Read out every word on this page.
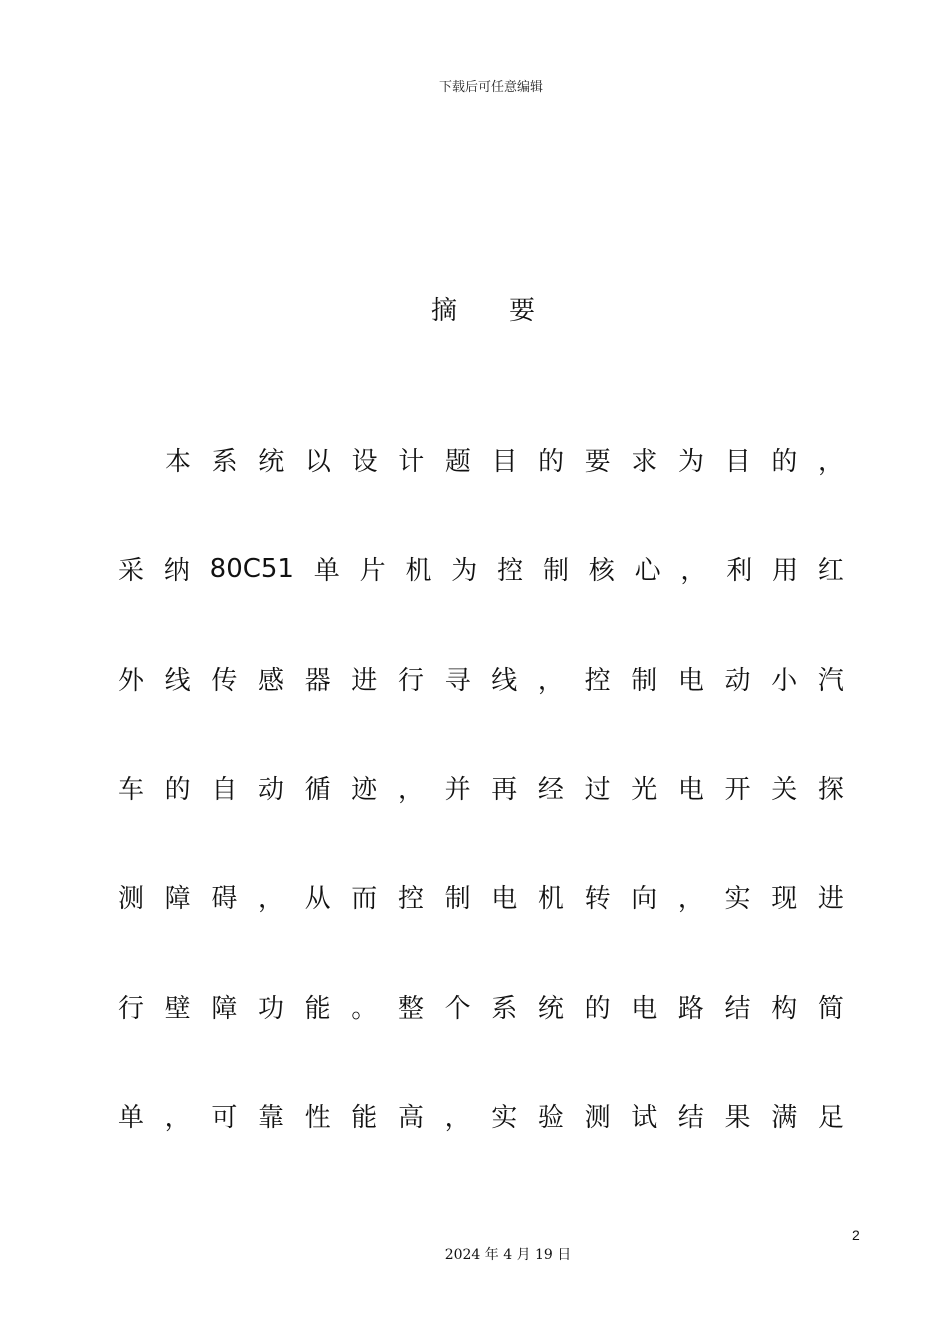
下载后可任意编辑
摘 要
本 系 统 以 设 计 题 目 的 要 求 为 目 的 ，
采 纳 80C51 单 片 机 为 控 制 核 心 ， 利 用 红
外 线 传 感 器 进 行 寻 线 ， 控 制 电 动 小 汽
车 的 自 动 循 迹 ， 并 再 经 过 光 电 开 关 探
测 障 碍 ， 从 而 控 制 电 机 转 向 ， 实 现 进
行 壁 障 功 能 。 整 个 系 统 的 电 路 结 构 简
单 ， 可 靠 性 能 高 ， 实 验 测 试 结 果 满 足
2
2024 年 4 月 19 日
